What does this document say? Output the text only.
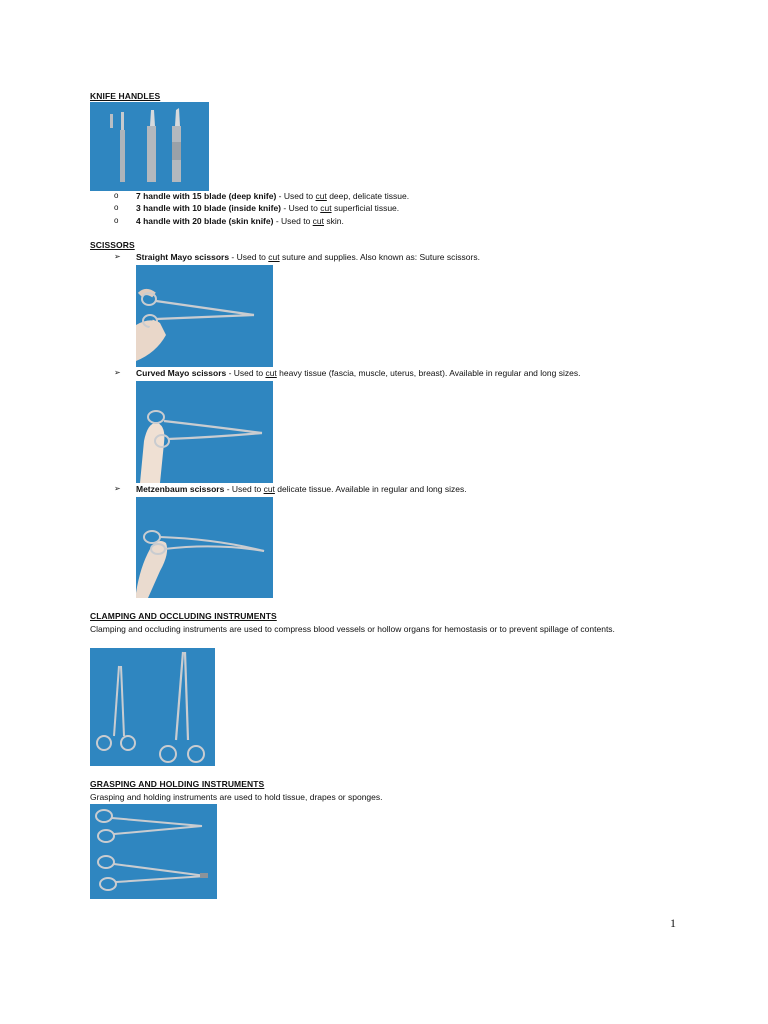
KNIFE HANDLES
o 7 handle with 15 blade (deep knife) - Used to cut deep, delicate tissue.
o 3 handle with 10 blade (inside knife) - Used to cut superficial tissue.
o 4 handle with 20 blade (skin knife) - Used to cut skin.
SCISSORS
➢ Straight Mayo scissors - Used to cut suture and supplies. Also known as: Suture scissors.
➢ Curved Mayo scissors - Used to cut heavy tissue (fascia, muscle, uterus, breast). Available in regular and long sizes.
➢ Metzenbaum scissors - Used to cut delicate tissue. Available in regular and long sizes.
CLAMPING AND OCCLUDING INSTRUMENTS
Clamping and occluding instruments are used to compress blood vessels or hollow organs for hemostasis or to prevent spillage of contents.
GRASPING AND HOLDING INSTRUMENTS
Grasping and holding instruments are used to hold tissue, drapes or sponges.
1
